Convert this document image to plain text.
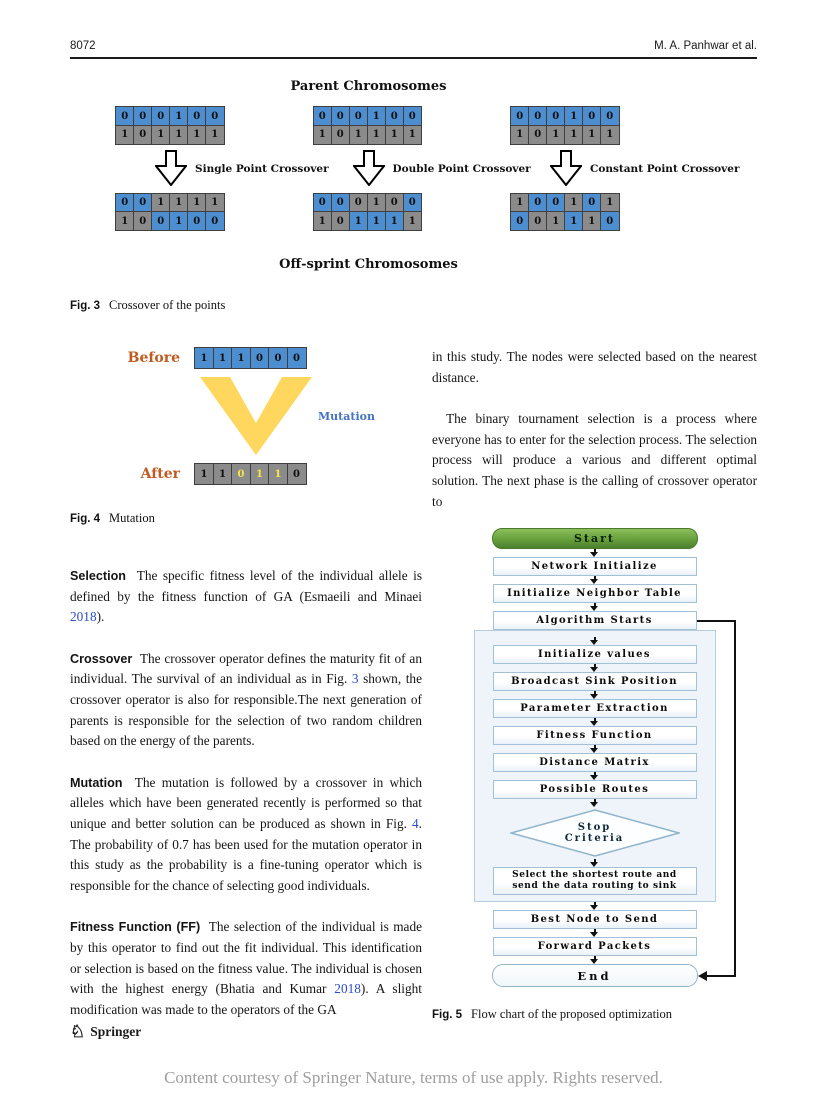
8072	M. A. Panhwar et al.
Parent Chromosomes
0	0	0	1	0	0
1	0	1	1	1	1
Single Point Crossover
0	0	1	1	1	1
1	0	0	1	0	0
0	0	0	1	0	0
1	0	1	1	1	1
Double Point Crossover
0	0	0	1	0	0
1	0	1	1	1	1
0	0	0	1	0	0
1	0	1	1	1	1
Constant Point Crossover
1	0	0	1	0	1
0	0	1	1	1	0
Off-sprint Chromosomes
Fig. 3 Crossover of the points
Before	1	1	1	0	0	0
Mutation
After	1	1	0	1	1	0
Fig. 4 Mutation

Selection  The specific fitness level of the individual allele is defined by the fitness function of GA (Esmaeili and Minaei 2018).

Crossover  The crossover operator defines the maturity fit of an individual. The survival of an individual as in Fig. 3 shown, the crossover operator is also for responsible.The next generation of parents is responsible for the selection of two random children based on the energy of the parents.

Mutation  The mutation is followed by a crossover in which alleles which have been generated recently is performed so that unique and better solution can be produced as shown in Fig. 4. The probability of 0.7 has been used for the mutation operator in this study as the probability is a fine-tuning operator which is responsible for the chance of selecting good individuals.

Fitness Function (FF)  The selection of the individual is made by this operator to find out the fit individual. This identification or selection is based on the fitness value. The individual is chosen with the highest energy (Bhatia and Kumar 2018). A slight modification was made to the operators of the GA

in this study. The nodes were selected based on the nearest distance.

The binary tournament selection is a process where everyone has to enter for the selection process. The selection process will produce a various and different optimal solution. The next phase is the calling of crossover operator to

Start
Network Initialize
Initialize Neighbor Table
Algorithm Starts
Initialize values
Broadcast Sink Position
Parameter Extraction
Fitness Function
Distance Matrix
Possible Routes
Stop
Criteria
Select the shortest route and
send the data routing to sink
Best Node to Send
Forward Packets
End
Fig. 5 Flow chart of the proposed optimization
♘ Springer
Content courtesy of Springer Nature, terms of use apply. Rights reserved.
